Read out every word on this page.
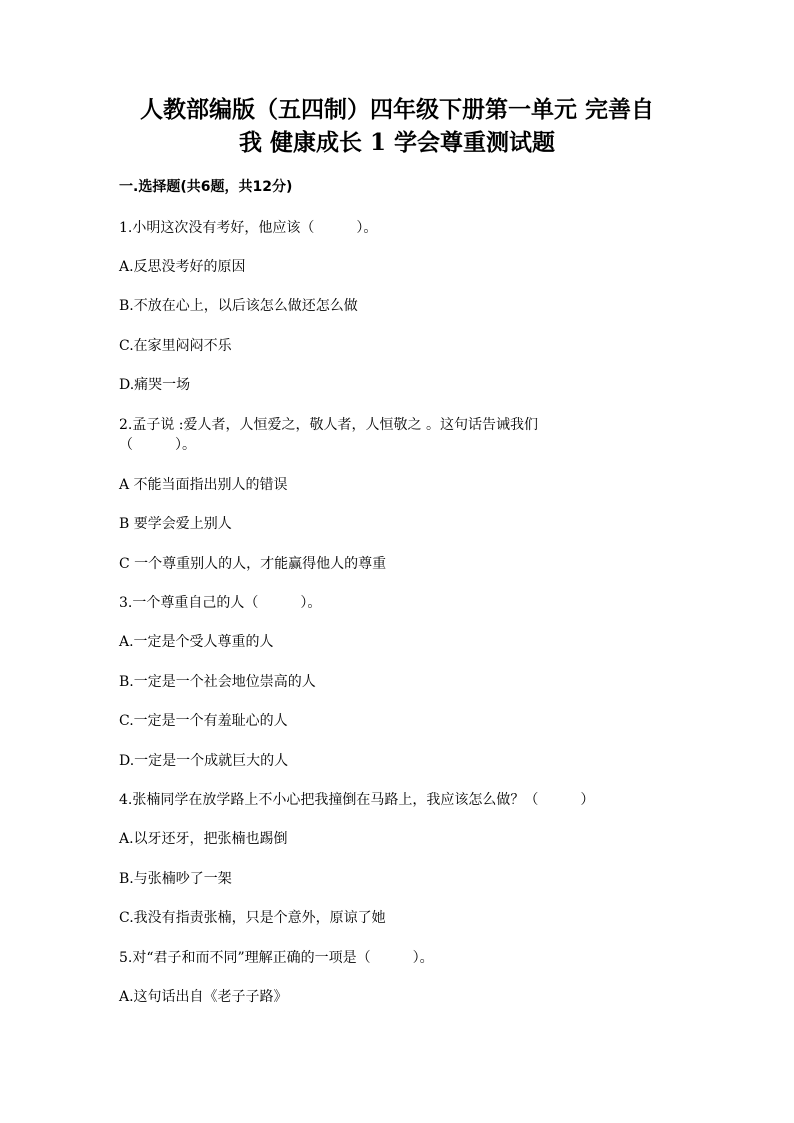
人教部编版（五四制）四年级下册第一单元 完善自
我 健康成长 1 学会尊重测试题
一.选择题(共6题，共12分)
1.小明这次没有考好，他应该（　　　）。
A.反思没考好的原因
B.不放在心上，以后该怎么做还怎么做
C.在家里闷闷不乐
D.痛哭一场
2.孟子说 :爱人者，人恒爱之，敬人者，人恒敬之 。这句话告诫我们
（　　　）。
A 不能当面指出别人的错误
B 要学会爱上别人
C 一个尊重别人的人，才能赢得他人的尊重
3.一个尊重自己的人（　　　）。
A.一定是个受人尊重的人
B.一定是一个社会地位崇高的人
C.一定是一个有羞耻心的人
D.一定是一个成就巨大的人
4.张楠同学在放学路上不小心把我撞倒在马路上，我应该怎么做？（　　　）
A.以牙还牙，把张楠也踢倒
B.与张楠吵了一架
C.我没有指责张楠，只是个意外，原谅了她
5.对“君子和而不同”理解正确的一项是（　　　）。
A.这句话出自《老子子路》
